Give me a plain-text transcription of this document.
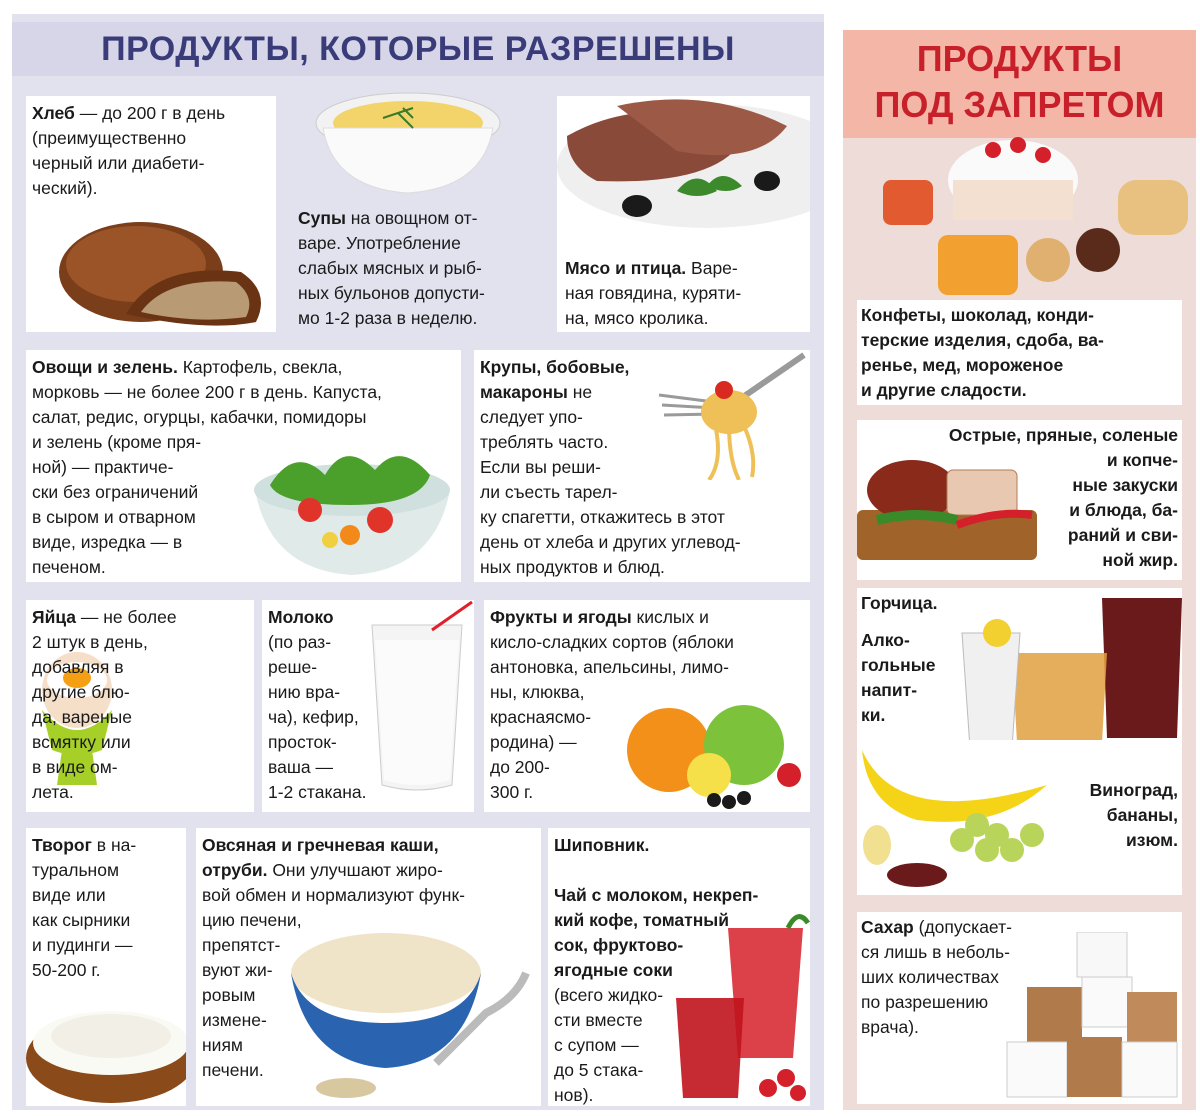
ПРОДУКТЫ, КОТОРЫЕ РАЗРЕШЕНЫ	ПРОДУКТЫ
ПОД ЗАПРЕТОМ
Хлеб — до 200 г в день
(преимущественно
черный или диабети-
ческий).
Супы на овощном от-
варе. Употребление
слабых мясных и рыб-
ных бульонов допусти-
мо 1-2 раза в неделю.
Мясо и птица. Варе-
ная говядина, куряти-
на, мясо кролика.
Овощи и зелень. Картофель, свекла,
морковь — не более 200 г в день. Капуста,
салат, редис, огурцы, кабачки, помидоры
и зелень (кроме пря-
ной) — практиче-
ски без ограничений
в сыром и отварном
виде, изредка — в
печеном.
Крупы, бобовые,
макароны не
следует упо-
треблять часто.
Если вы реши-
ли съесть тарел-
ку спагетти, откажитесь в этот
день от хлеба и других углевод-
ных продуктов и блюд.
Яйца — не более
2 штук в день,
добавляя в
другие блю-
да, вареные
всмятку или
в виде ом-
лета.
Молоко
(по раз-
реше-
нию вра-
ча), кефир,
просток-
ваша —
1-2 стакана.
Фрукты и ягоды кислых и
кисло-сладких сортов (яблоки
антоновка, апельсины, лимо-
ны, клюква,
краснаясмо-
родина) —
до 200-
300 г.
Творог в на-
туральном
виде или
как сырники
и пудинги —
50-200 г.
Овсяная и гречневая каши,
отруби. Они улучшают жиро-
вой обмен и нормализуют функ-
цию печени,
препятст-
вуют жи-
ровым
измене-
ниям
печени.
Шиповник.

Чай с молоком, некреп-
кий кофе, томатный
сок, фруктово-
ягодные соки
(всего жидко-
сти вместе
с супом —
до 5 стака-
нов).
Конфеты, шоколад, конди-
терские изделия, сдоба, ва-
ренье, мед, мороженое
и другие сладости.
Острые, пряные, соленые
и копче-
ные закуски
и блюда, ба-
раний и сви-
ной жир.
Горчица.
Алко-
гольные
напит-
ки.
Виноград,
бананы,
изюм.
Сахар (допускает-
ся лишь в неболь-
ших количествах
по разрешению
врача).
